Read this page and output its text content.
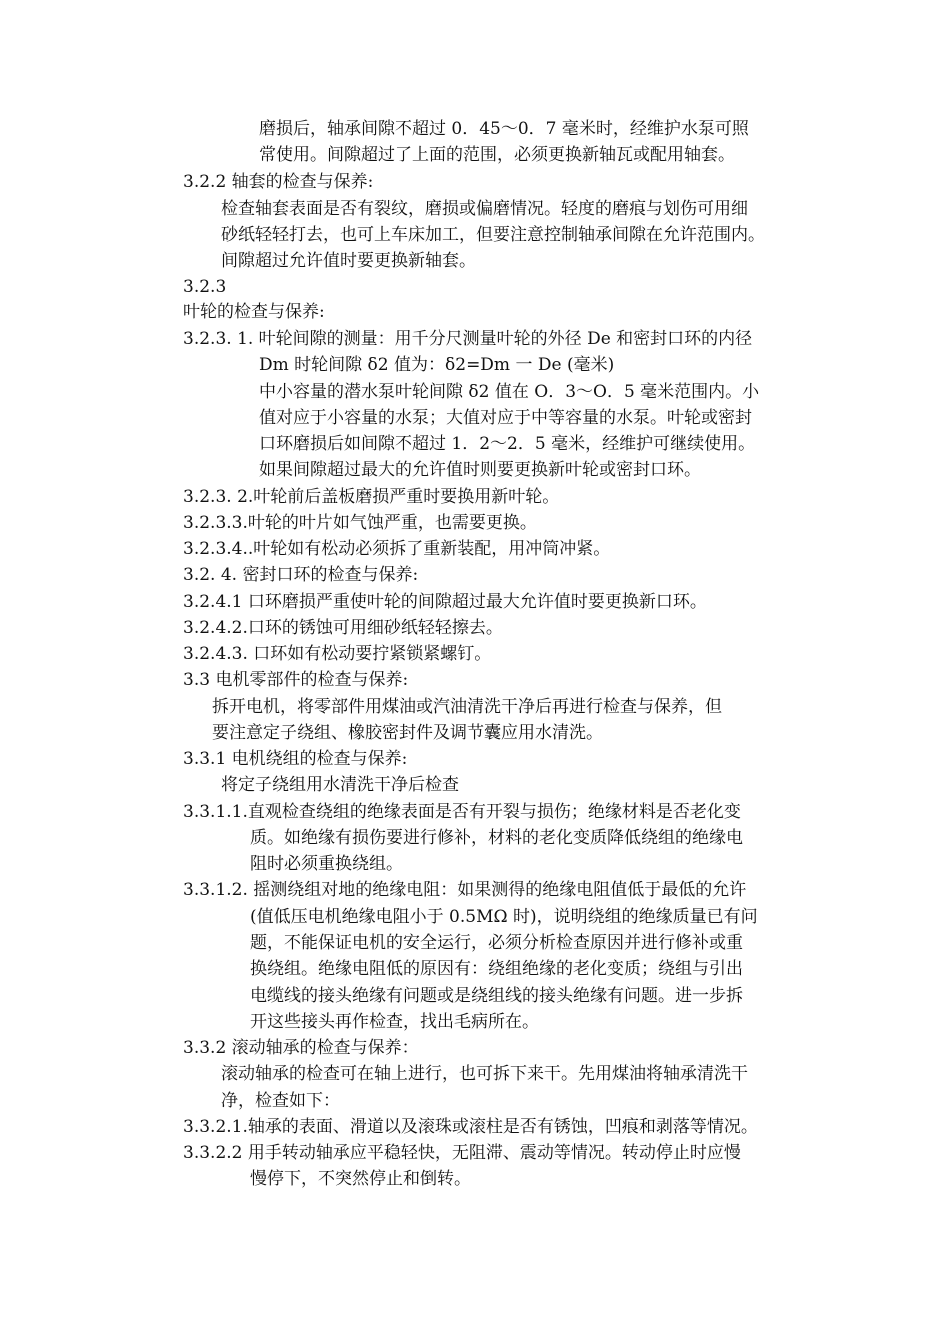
磨损后，轴承间隙不超过 0．45～0．7 毫米时，经维护水泵可照
常使用。间隙超过了上面的范围，必须更换新轴瓦或配用轴套。
3.2.2 轴套的检查与保养:
检查轴套表面是否有裂纹，磨损或偏磨情况。轻度的磨痕与划伤可用细
砂纸轻轻打去，也可上车床加工，但要注意控制轴承间隙在允许范围内。
间隙超过允许值时要更换新轴套。
3.2.3
叶轮的检查与保养:
3.2.3. 1. 叶轮间隙的测量：用千分尺测量叶轮的外径 De 和密封口环的内径
Dm 时轮间隙 δ2 值为：δ2=Dm 一 De (毫米)
中小容量的潜水泵叶轮间隙 δ2 值在 O．3～O．5 毫米范围内。小
值对应于小容量的水泵；大值对应于中等容量的水泵。叶轮或密封
口环磨损后如间隙不超过 1．2～2．5 毫米，经维护可继续使用。
如果间隙超过最大的允许值时则要更换新叶轮或密封口环。
3.2.3. 2.叶轮前后盖板磨损严重时要换用新叶轮。
3.2.3.3.叶轮的叶片如气蚀严重，也需要更换。
3.2.3.4..叶轮如有松动必须拆了重新装配，用冲筒冲紧。
3.2. 4. 密封口环的检查与保养:
3.2.4.1 口环磨损严重使叶轮的间隙超过最大允许值时要更换新口环。
3.2.4.2.口环的锈蚀可用细砂纸轻轻擦去。
3.2.4.3. 口环如有松动要拧紧锁紧螺钉。
3.3 电机零部件的检查与保养:
拆开电机，将零部件用煤油或汽油清洗干净后再进行检查与保养，但
要注意定子绕组、橡胶密封件及调节囊应用水清洗。
3.3.1 电机绕组的检查与保养:
将定子绕组用水清洗干净后检查
3.3.1.1.直观检查绕组的绝缘表面是否有开裂与损伤；绝缘材料是否老化变
质。如绝缘有损伤要进行修补，材料的老化变质降低绕组的绝缘电
阻时必须重换绕组。
3.3.1.2. 摇测绕组对地的绝缘电阻：如果测得的绝缘电阻值低于最低的允许
(值低压电机绝缘电阻小于 0.5MΩ 时)，说明绕组的绝缘质量已有问
题，不能保证电机的安全运行，必须分析检查原因并进行修补或重
换绕组。绝缘电阻低的原因有：绕组绝缘的老化变质；绕组与引出
电缆线的接头绝缘有问题或是绕组线的接头绝缘有问题。进一步拆
开这些接头再作检查，找出毛病所在。
3.3.2 滚动轴承的检查与保养：
滚动轴承的检查可在轴上进行，也可拆下来干。先用煤油将轴承清洗干
净，检查如下：
3.3.2.1.轴承的表面、滑道以及滚珠或滚柱是否有锈蚀，凹痕和剥落等情况。
3.3.2.2 用手转动轴承应平稳轻快，无阻滞、震动等情况。转动停止时应慢
慢停下，不突然停止和倒转。
